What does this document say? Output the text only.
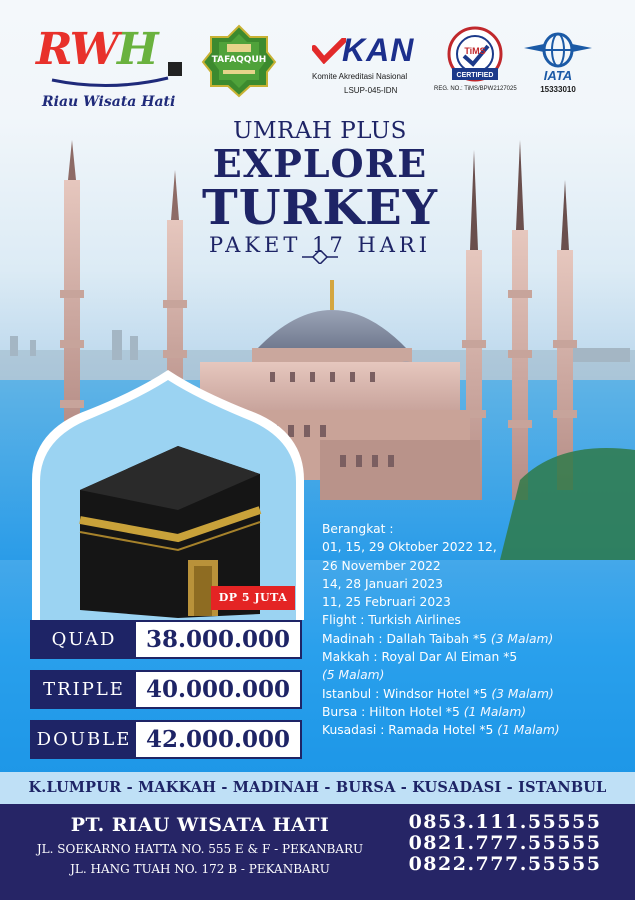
RWH
Riau Wisata Hati
TAFAQQUH	KAN
Komite Akreditasi Nasional
LSUP-045-IDN
TiMS
CERTIFIED
REG. NO.: TiMS/BPW2127025
IATA
15333010
UMRAH PLUS
EXPLORE
TURKEY
PAKET 17 HARI
DP 5 JUTA
QUAD	38.000.000
TRIPLE 40.000.000
DOUBLE 42.000.000
Berangkat :
01, 15, 29 Oktober 2022 12,
26 November 2022
14, 28 Januari 2023
11, 25 Februari 2023
Flight : Turkish Airlines
Madinah : Dallah Taibah *5 (3 Malam)
Makkah : Royal Dar Al Eiman *5
(5 Malam)
Istanbul : Windsor Hotel *5 (3 Malam)
Bursa : Hilton Hotel *5 (1 Malam)
Kusadasi : Ramada Hotel *5 (1 Malam)
K.LUMPUR - MAKKAH - MADINAH - BURSA - KUSADASI - ISTANBUL
PT. RIAU WISATA HATI
JL. SOEKARNO HATTA NO. 555 E & F - PEKANBARU
JL. HANG TUAH NO. 172 B - PEKANBARU
0853.111.55555
0821.777.55555
0822.777.55555
